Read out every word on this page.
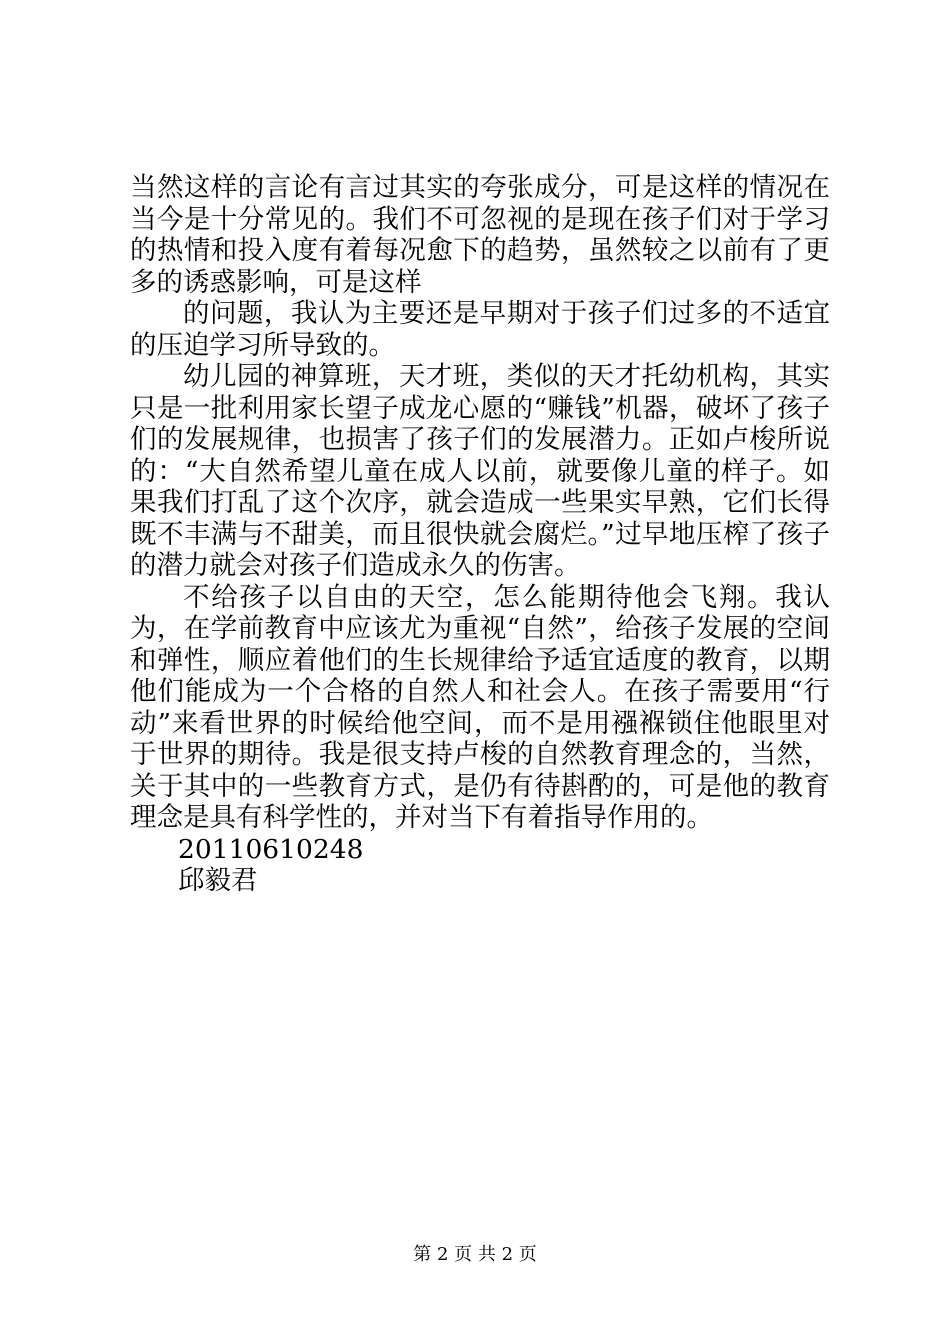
当然这样的言论有言过其实的夸张成分，可是这样的情况在当今是十分常见的。我们不可忽视的是现在孩子们对于学习的热情和投入度有着每况愈下的趋势，虽然较之以前有了更多的诱惑影响，可是这样

的问题，我认为主要还是早期对于孩子们过多的不适宜的压迫学习所导致的。

幼儿园的神算班，天才班，类似的天才托幼机构，其实只是一批利用家长望子成龙心愿的“赚钱”机器，破坏了孩子们的发展规律，也损害了孩子们的发展潜力。正如卢梭所说的：“大自然希望儿童在成人以前，就要像儿童的样子。如果我们打乱了这个次序，就会造成一些果实早熟，它们长得既不丰满与不甜美，而且很快就会腐烂。”过早地压榨了孩子的潜力就会对孩子们造成永久的伤害。

不给孩子以自由的天空，怎么能期待他会飞翔。我认为，在学前教育中应该尤为重视“自然”，给孩子发展的空间和弹性，顺应着他们的生长规律给予适宜适度的教育，以期他们能成为一个合格的自然人和社会人。在孩子需要用“行动”来看世界的时候给他空间，而不是用襁褓锁住他眼里对于世界的期待。我是很支持卢梭的自然教育理念的，当然，关于其中的一些教育方式，是仍有待斟酌的，可是他的教育理念是具有科学性的，并对当下有着指导作用的。

20110610248

邱毅君

第 2 页 共 2 页
